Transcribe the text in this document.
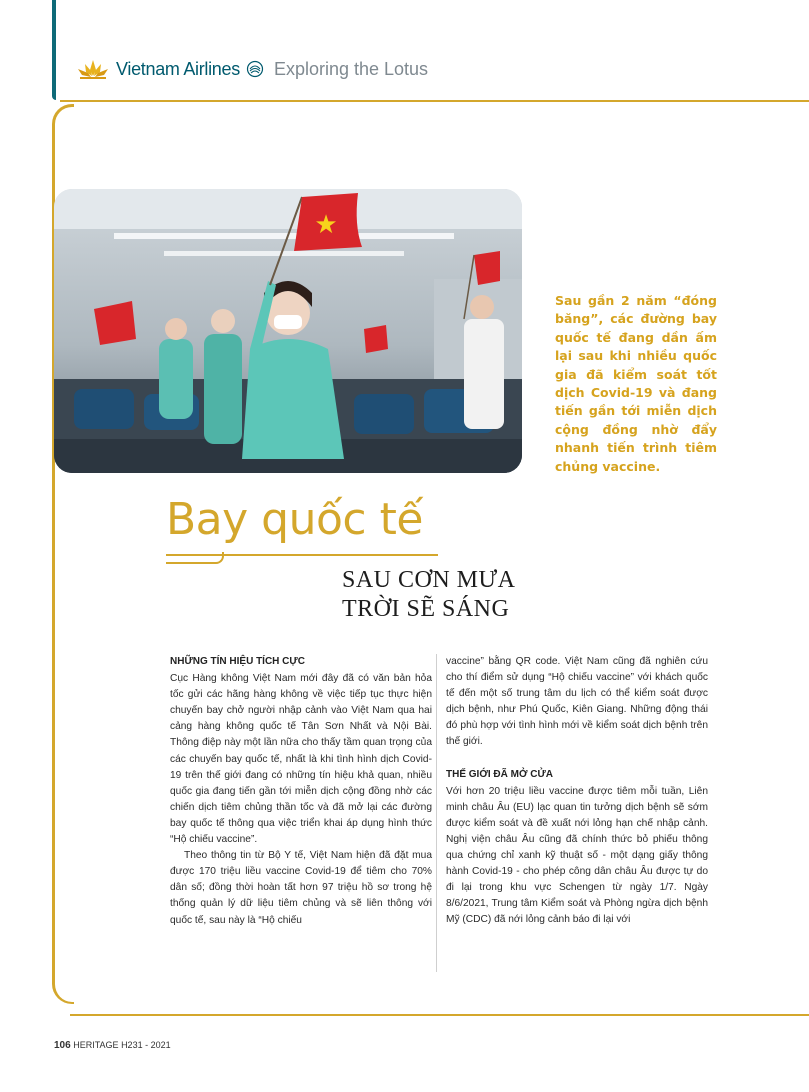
Vietnam Airlines Exploring the Lotus
★
Sau gần 2 năm “đóng băng”, các đường bay quốc tế đang dần ấm lại sau khi nhiều quốc gia đã kiểm soát tốt dịch Covid-19 và đang tiến gần tới miễn dịch cộng đồng nhờ đẩy nhanh tiến trình tiêm chủng vaccine.
Bay quốc tế
SAU CƠN MƯA
TRỜI SẼ SÁNG
NHỮNG TÍN HIỆU TÍCH CỰC

Cục Hàng không Việt Nam mới đây đã có văn bản hỏa tốc gửi các hãng hàng không về việc tiếp tục thực hiện chuyến bay chở người nhập cảnh vào Việt Nam qua hai cảng hàng không quốc tế Tân Sơn Nhất và Nội Bài. Thông điệp này một lần nữa cho thấy tầm quan trọng của các chuyến bay quốc tế, nhất là khi tình hình dịch Covid-19 trên thế giới đang có những tín hiệu khả quan, nhiều quốc gia đang tiến gần tới miễn dịch cộng đồng nhờ các chiến dịch tiêm chủng thần tốc và đã mở lại các đường bay quốc tế thông qua việc triển khai áp dụng hình thức “Hộ chiếu vaccine”.

Theo thông tin từ Bộ Y tế, Việt Nam hiện đã đặt mua được 170 triệu liều vaccine Covid-19 để tiêm cho 70% dân số; đồng thời hoàn tất hơn 97 triệu hồ sơ trong hệ thống quản lý dữ liệu tiêm chủng và sẽ liên thông với quốc tế, sau này là “Hộ chiếu

vaccine” bằng QR code. Việt Nam cũng đã nghiên cứu cho thí điểm sử dụng “Hộ chiếu vaccine” với khách quốc tế đến một số trung tâm du lịch có thể kiểm soát được dịch bệnh, như Phú Quốc, Kiên Giang. Những động thái đó phù hợp với tình hình mới về kiểm soát dịch bệnh trên thế giới.

THẾ GIỚI ĐÃ MỞ CỬA

Với hơn 20 triệu liều vaccine được tiêm mỗi tuần, Liên minh châu Âu (EU) lạc quan tin tưởng dịch bệnh sẽ sớm được kiểm soát và đề xuất nới lỏng hạn chế nhập cảnh. Nghị viện châu Âu cũng đã chính thức bỏ phiếu thông qua chứng chỉ xanh kỹ thuật số - một dạng giấy thông hành Covid-19 - cho phép công dân châu Âu được tự do đi lại trong khu vực Schengen từ ngày 1/7. Ngày 8/6/2021, Trung tâm Kiểm soát và Phòng ngừa dịch bệnh Mỹ (CDC) đã nới lỏng cảnh báo đi lại với

106 HERITAGE H231 - 2021
